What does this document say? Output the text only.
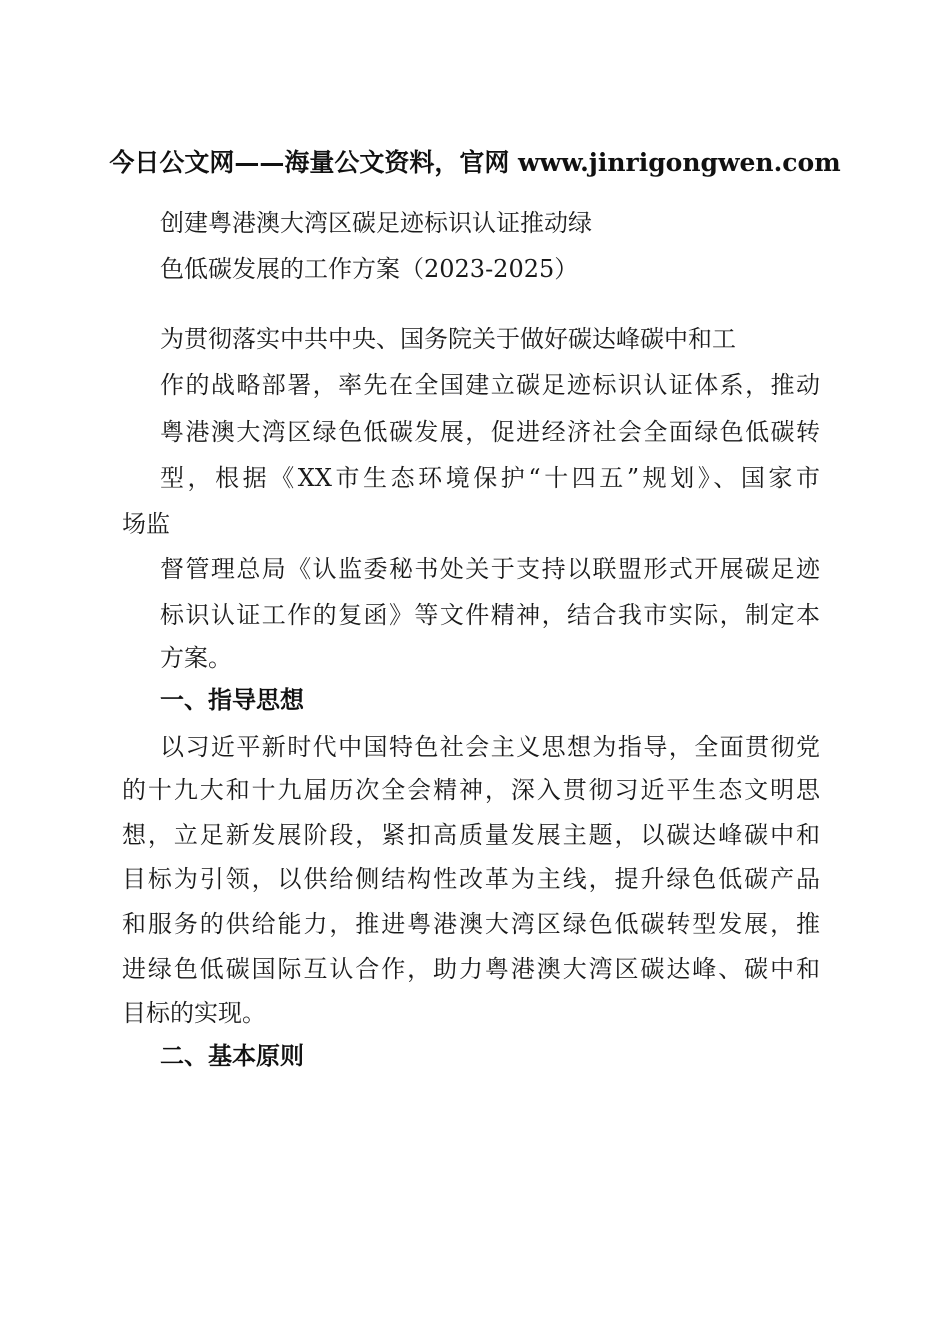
今日公文网——海量公文资料，官网 www.jinrigongwen.com
创建粤港澳大湾区碳足迹标识认证推动绿
色低碳发展的工作方案（2023-2025）
为贯彻落实中共中央、国务院关于做好碳达峰碳中和工
作的战略部署，率先在全国建立碳足迹标识认证体系，推动
粤港澳大湾区绿色低碳发展，促进经济社会全面绿色低碳转
型，根据《XX市生态环境保护“十四五”规划》、国家市
场监
督管理总局《认监委秘书处关于支持以联盟形式开展碳足迹
标识认证工作的复函》等文件精神，结合我市实际，制定本
方案。
一、指导思想
以习近平新时代中国特色社会主义思想为指导，全面贯彻党
的十九大和十九届历次全会精神，深入贯彻习近平生态文明思
想，立足新发展阶段，紧扣高质量发展主题，以碳达峰碳中和
目标为引领，以供给侧结构性改革为主线，提升绿色低碳产品
和服务的供给能力，推进粤港澳大湾区绿色低碳转型发展，推
进绿色低碳国际互认合作，助力粤港澳大湾区碳达峰、碳中和
目标的实现。
二、基本原则
